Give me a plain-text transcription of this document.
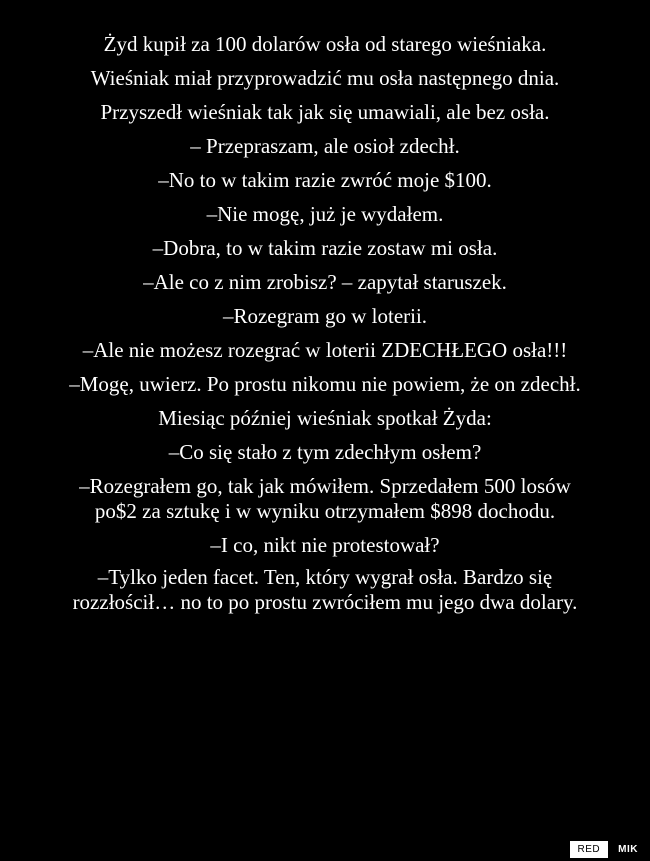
Żyd kupił za 100 dolarów osła od starego wieśniaka.
Wieśniak miał przyprowadzić mu osła następnego dnia.
Przyszedł wieśniak tak jak się umawiali, ale bez osła.
– Przepraszam, ale osioł zdechł.
–No to w takim razie zwróć moje $100.
–Nie mogę, już je wydałem.
–Dobra, to w takim razie zostaw mi osła.
–Ale co z nim zrobisz? – zapytał staruszek.
–Rozegram go w loterii.
–Ale nie możesz rozegrać w loterii ZDECHŁEGO osła!!!
–Mogę, uwierz. Po prostu nikomu nie powiem, że on zdechł.
Miesiąc później wieśniak spotkał Żyda:
–Co się stało z tym zdechłym osłem?
–Rozegrałem go, tak jak mówiłem. Sprzedałem 500 losów po$2 za sztukę i w wyniku otrzymałem $898 dochodu.
–I co, nikt nie protestował?
–Tylko jeden facet. Ten, który wygrał osła. Bardzo się rozzłościł… no to po prostu zwróciłem mu jego dwa dolary.
RED	MIK
